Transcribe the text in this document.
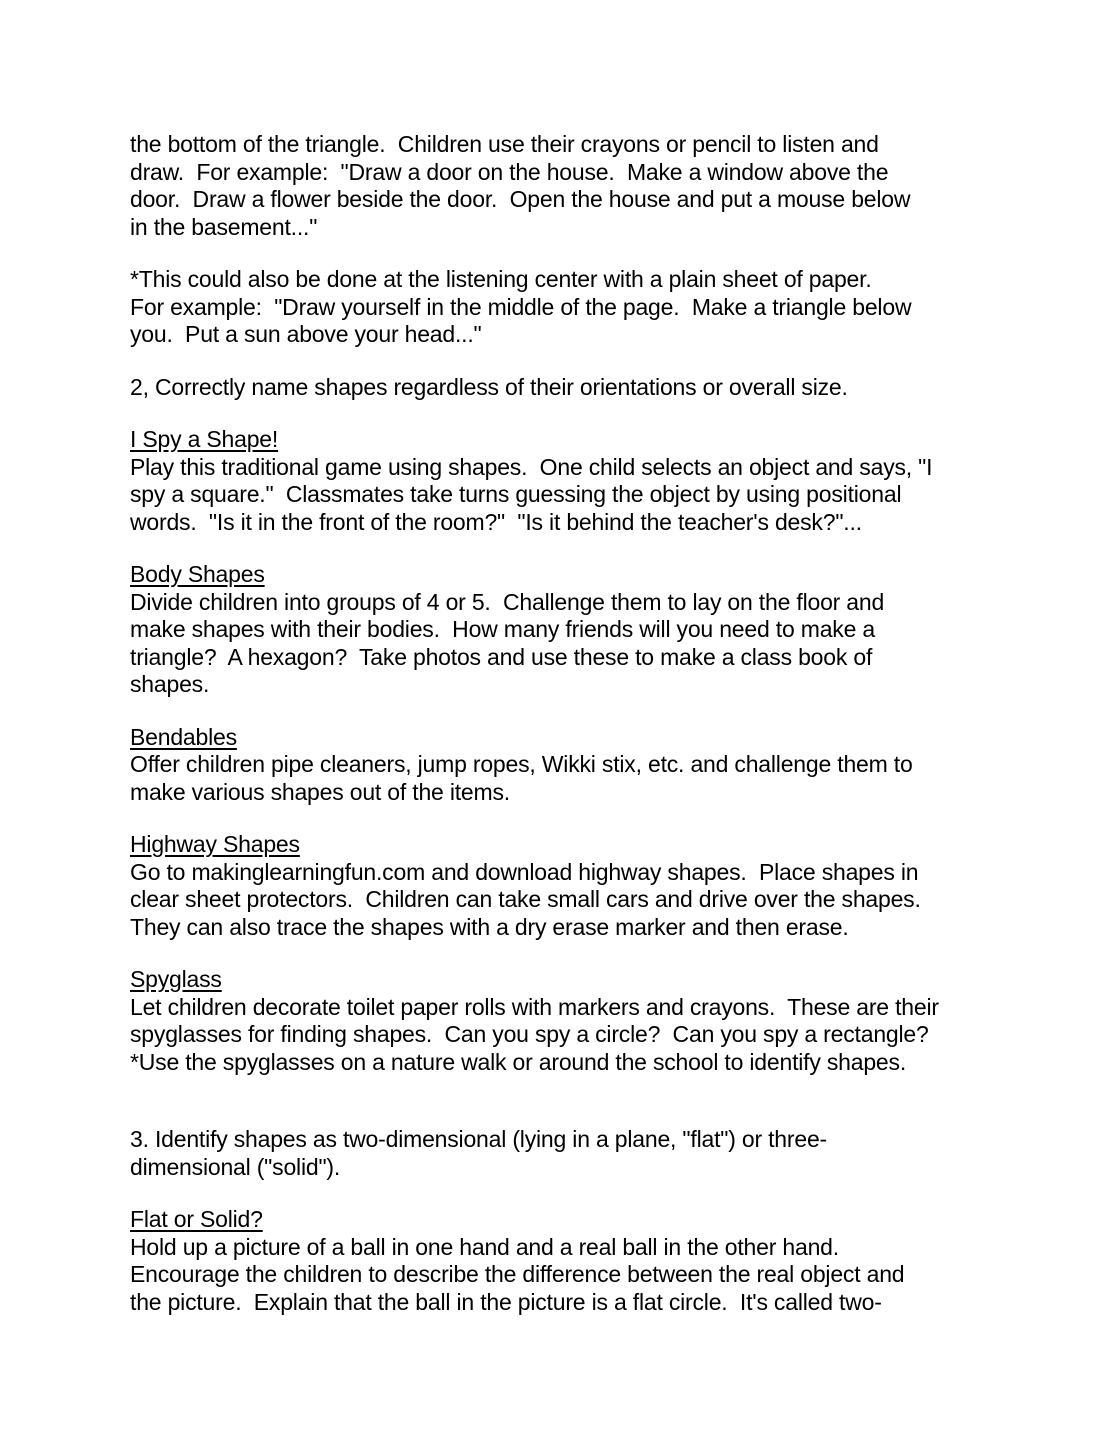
the bottom of the triangle.  Children use their crayons or pencil to listen and
draw.  For example:  "Draw a door on the house.  Make a window above the
door.  Draw a flower beside the door.  Open the house and put a mouse below
in the basement..."
*This could also be done at the listening center with a plain sheet of paper.
For example:  "Draw yourself in the middle of the page.  Make a triangle below
you.  Put a sun above your head..."
2, Correctly name shapes regardless of their orientations or overall size.
I Spy a Shape!
Play this traditional game using shapes.  One child selects an object and says, "I
spy a square."  Classmates take turns guessing the object by using positional
words.  "Is it in the front of the room?"  "Is it behind the teacher's desk?"...
Body Shapes
Divide children into groups of 4 or 5.  Challenge them to lay on the floor and
make shapes with their bodies.  How many friends will you need to make a
triangle?  A hexagon?  Take photos and use these to make a class book of
shapes.
Bendables
Offer children pipe cleaners, jump ropes, Wikki stix, etc. and challenge them to
make various shapes out of the items.
Highway Shapes
Go to makinglearningfun.com and download highway shapes.  Place shapes in
clear sheet protectors.  Children can take small cars and drive over the shapes.
They can also trace the shapes with a dry erase marker and then erase.
Spyglass
Let children decorate toilet paper rolls with markers and crayons.  These are their
spyglasses for finding shapes.  Can you spy a circle?  Can you spy a rectangle?
*Use the spyglasses on a nature walk or around the school to identify shapes.
3. Identify shapes as two-dimensional (lying in a plane, "flat") or three-
dimensional ("solid").
Flat or Solid?
Hold up a picture of a ball in one hand and a real ball in the other hand.
Encourage the children to describe the difference between the real object and
the picture.  Explain that the ball in the picture is a flat circle.  It's called two-
